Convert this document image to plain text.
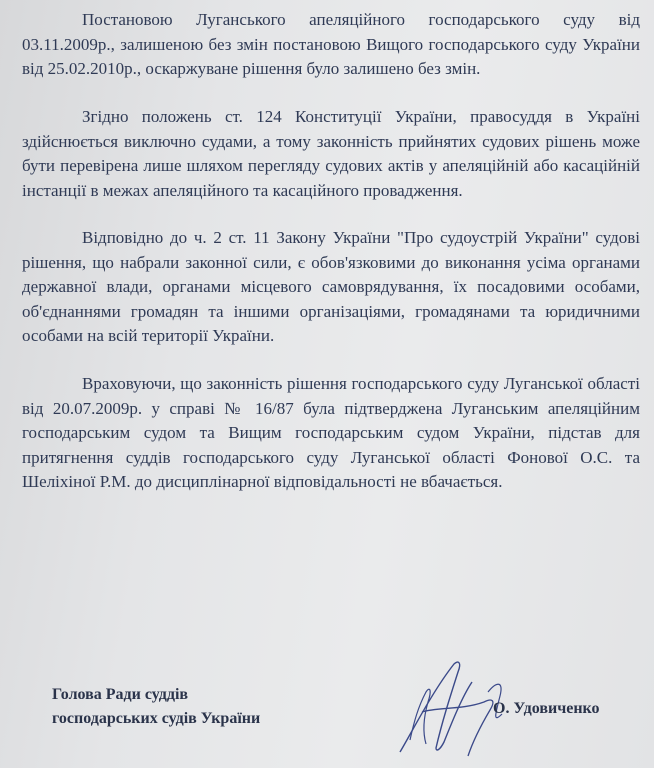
Постановою Луганського апеляційного господарського суду від 03.11.2009р., залишеною без змін постановою Вищого господарського суду України від 25.02.2010р., оскаржуване рішення було залишено без змін.

Згідно положень ст. 124 Конституції України, правосуддя в Україні здійснюється виключно судами, а тому законність прийнятих судових рішень може бути перевірена лише шляхом перегляду судових актів у апеляційній або касаційній інстанції в межах апеляційного та касаційного провадження.

Відповідно до ч. 2 ст. 11 Закону України "Про судоустрій України" судові рішення, що набрали законної сили, є обов'язковими до виконання усіма органами державної влади, органами місцевого самоврядування, їх посадовими особами, об'єднаннями громадян та іншими організаціями, громадянами та юридичними особами на всій території України.

Враховуючи, що законність рішення господарського суду Луганської області від 20.07.2009р. у справі № 16/87 була підтверджена Луганським апеляційним господарським судом та Вищим господарським судом України, підстав для притягнення суддів господарського суду Луганської області Фонової О.С. та Шеліхіної Р.М. до дисциплінарної відповідальності не вбачається.

Голова Ради суддів
господарських судів України
О. Удовиченко
